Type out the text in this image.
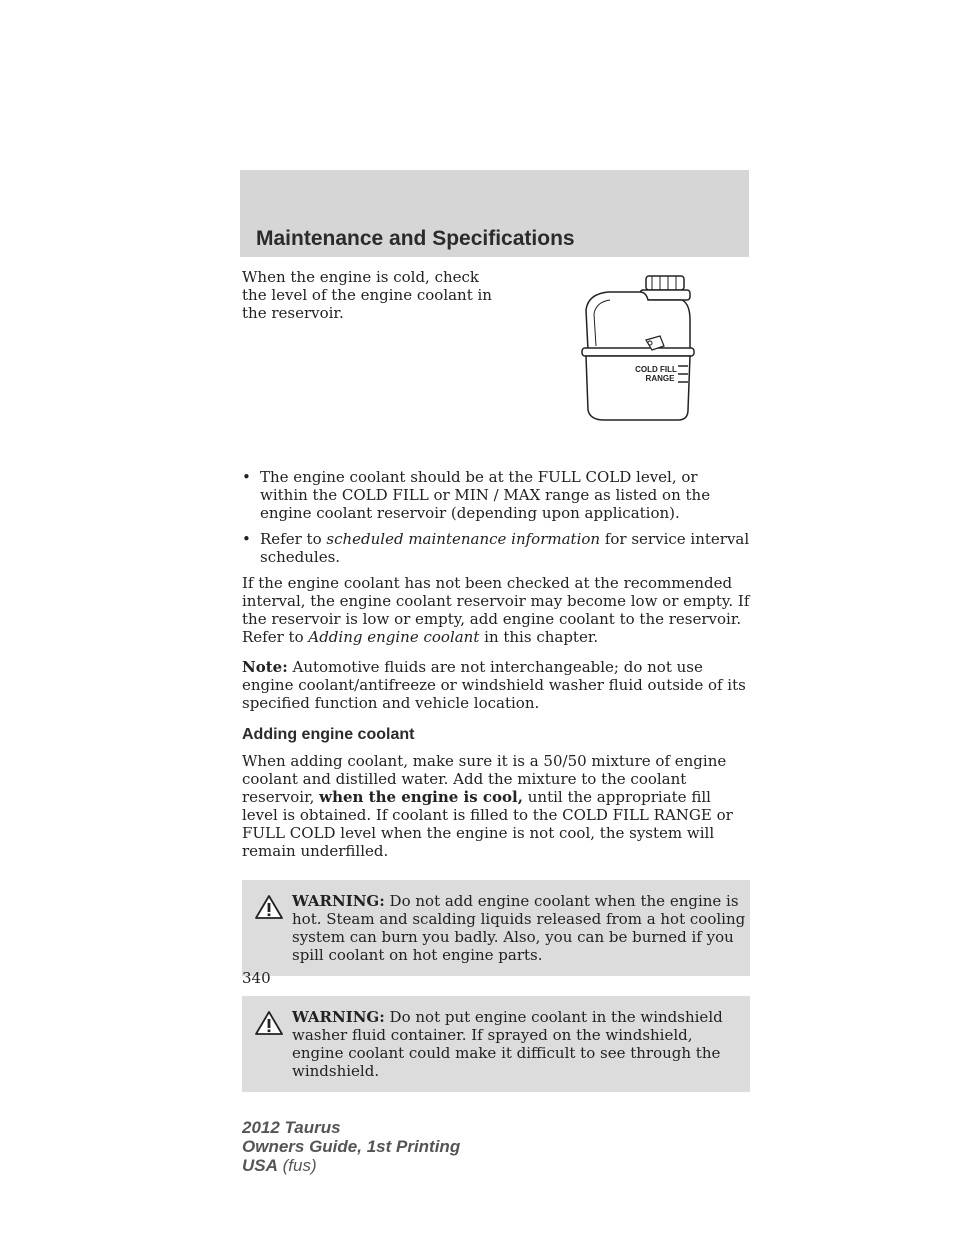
Maintenance and Specifications

When the engine is cold, check the level of the engine coolant in the reservoir.

COLD FILL
RANGE
• The engine coolant should be at the FULL COLD level, or within the COLD FILL or MIN / MAX range as listed on the engine coolant reservoir (depending upon application).
• Refer to scheduled maintenance information for service interval schedules.

If the engine coolant has not been checked at the recommended interval, the engine coolant reservoir may become low or empty. If the reservoir is low or empty, add engine coolant to the reservoir. Refer to Adding engine coolant in this chapter.

Note: Automotive fluids are not interchangeable; do not use engine coolant/antifreeze or windshield washer fluid outside of its specified function and vehicle location.

Adding engine coolant

When adding coolant, make sure it is a 50/50 mixture of engine coolant and distilled water. Add the mixture to the coolant reservoir, when the engine is cool, until the appropriate fill level is obtained. If coolant is filled to the COLD FILL RANGE or FULL COLD level when the engine is not cool, the system will remain underfilled.

WARNING: Do not add engine coolant when the engine is hot. Steam and scalding liquids released from a hot cooling system can burn you badly. Also, you can be burned if you spill coolant on hot engine parts.
WARNING: Do not put engine coolant in the windshield washer fluid container. If sprayed on the windshield, engine coolant could make it difficult to see through the windshield.
340
2012 Taurus
Owners Guide, 1st Printing
USA (fus)
